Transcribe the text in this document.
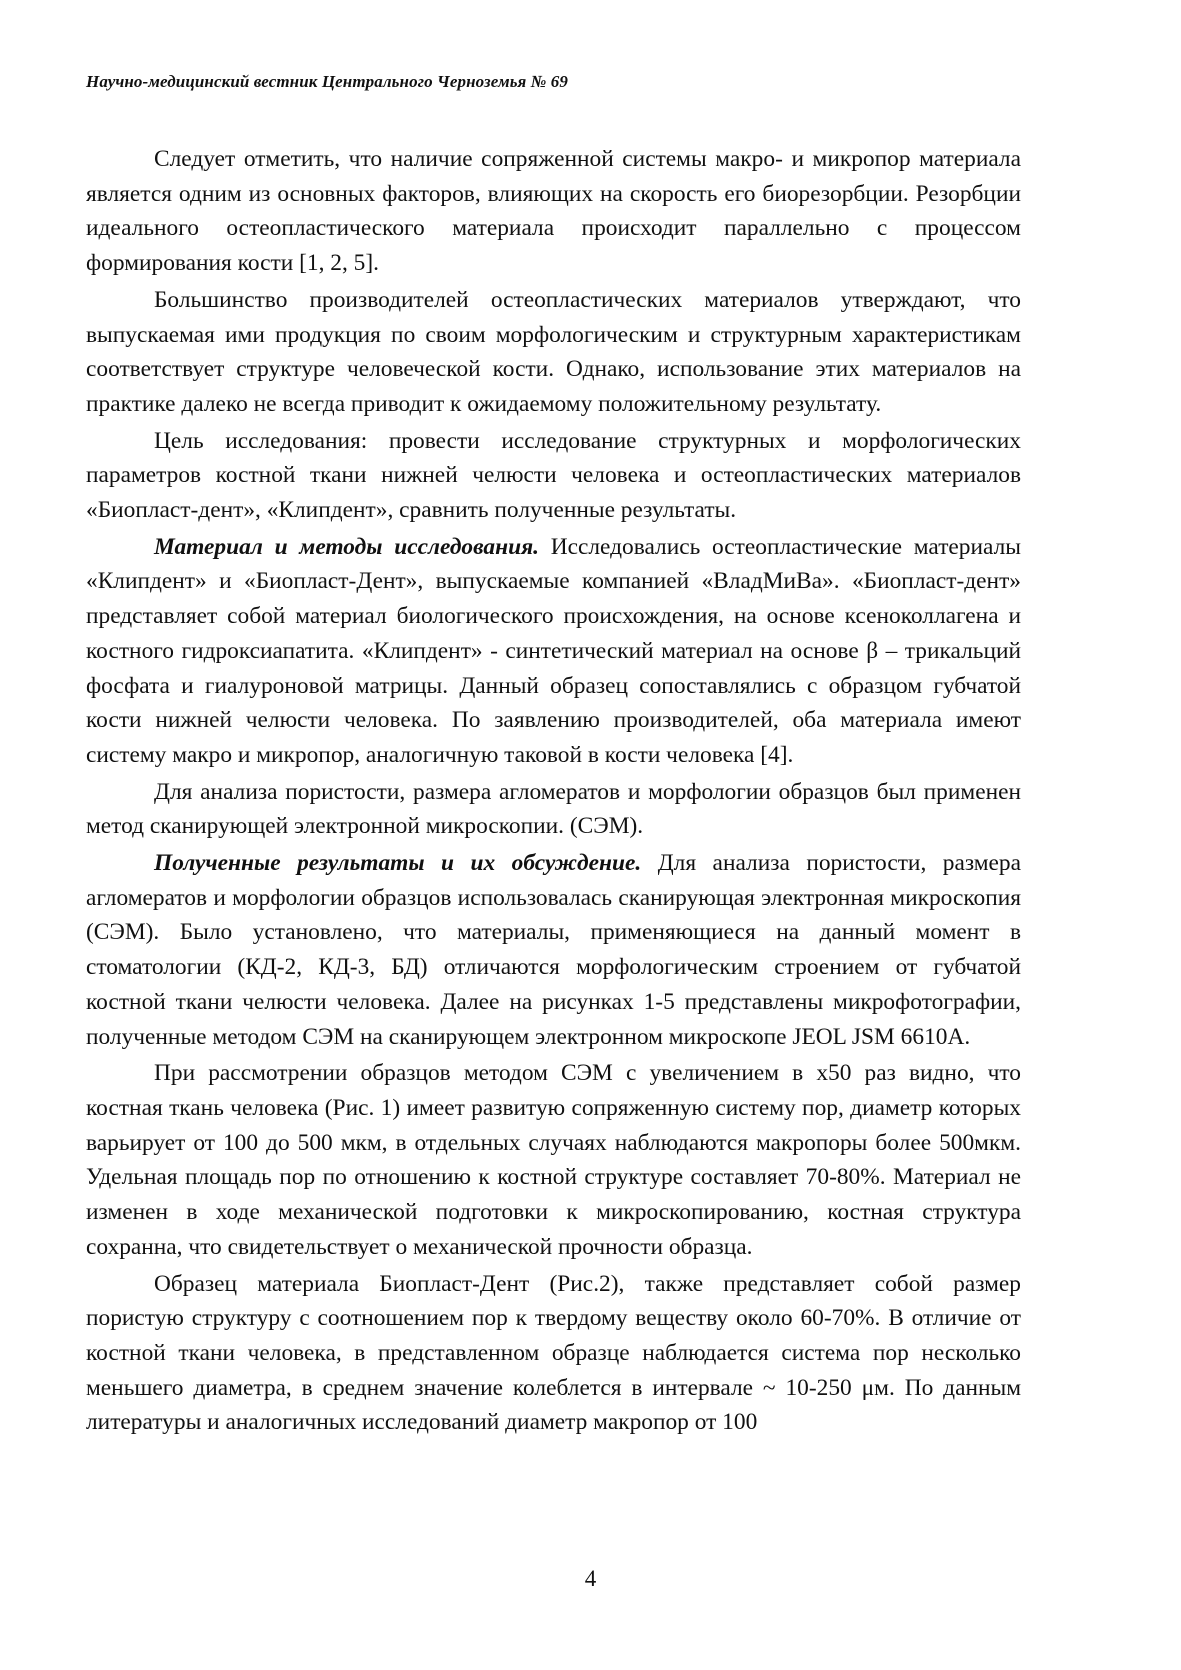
Научно-медицинский вестник Центрального Черноземья № 69

Следует отметить, что наличие сопряженной системы макро- и микропор материала является одним из основных факторов, влияющих на скорость его биорезорбции. Резорбции идеального остеопластического материала происходит параллельно с процессом формирования кости [1, 2, 5].

Большинство производителей остеопластических материалов утверждают, что выпускаемая ими продукция по своим морфологическим и структурным характеристикам соответствует структуре человеческой кости. Однако, использование этих материалов на практике далеко не всегда приводит к ожидаемому положительному результату.

Цель исследования: провести исследование структурных и морфологических параметров костной ткани нижней челюсти человека и остеопластических материалов «Биопласт-дент», «Клипдент», сравнить полученные результаты.

Материал и методы исследования. Исследовались остеопластические материалы «Клипдент» и «Биопласт-Дент», выпускаемые компанией «ВладМиВа». «Биопласт-дент» представляет собой материал биологического происхождения, на основе ксеноколлагена и костного гидроксиапатита. «Клипдент» - синтетический материал на основе β – трикальций фосфата и гиалуроновой матрицы. Данный образец сопоставлялись с образцом губчатой кости нижней челюсти человека. По заявлению производителей, оба материала имеют систему макро и микропор, аналогичную таковой в кости человека [4].

Для анализа пористости, размера агломератов и морфологии образцов был применен метод сканирующей электронной микроскопии. (СЭМ).

Полученные результаты и их обсуждение. Для анализа пористости, размера агломератов и морфологии образцов использовалась сканирующая электронная микроскопия (СЭМ). Было установлено, что материалы, применяющиеся на данный момент в стоматологии (КД-2, КД-3, БД) отличаются морфологическим строением от губчатой костной ткани челюсти человека. Далее на рисунках 1-5 представлены микрофотографии, полученные методом СЭМ на сканирующем электронном микроскопе JEOL JSM 6610A.

При рассмотрении образцов методом СЭМ с увеличением в х50 раз видно, что костная ткань человека (Рис. 1) имеет развитую сопряженную систему пор, диаметр которых варьирует от 100 до 500 мкм, в отдельных случаях наблюдаются макропоры более 500мкм. Удельная площадь пор по отношению к костной структуре составляет 70-80%. Материал не изменен в ходе механической подготовки к микроскопированию, костная структура сохранна, что свидетельствует о механической прочности образца.

Образец материала Биопласт-Дент (Рис.2), также представляет собой размер пористую структуру с соотношением пор к твердому веществу около 60-70%. В отличие от костной ткани человека, в представленном образце наблюдается система пор несколько меньшего диаметра, в среднем значение колеблется в интервале ~ 10-250 μм. По данным литературы и аналогичных исследований диаметр макропор от 100

4
